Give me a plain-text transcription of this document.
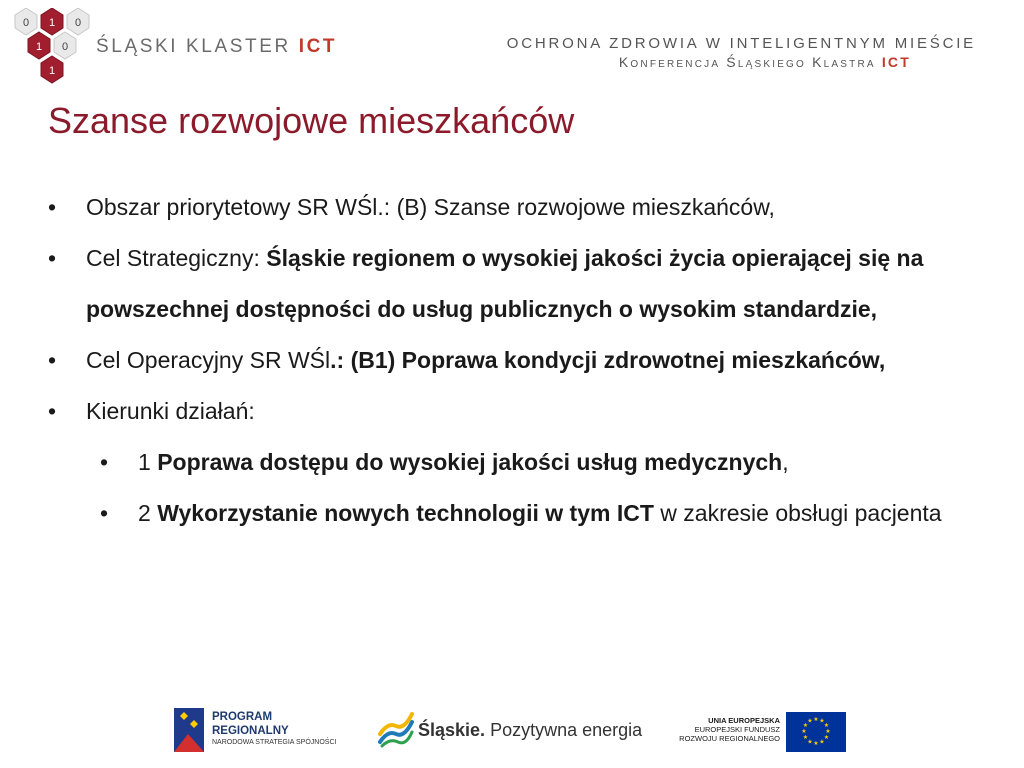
0 1 0
1 0
1
ŚLĄSKI KLASTER ICT	OCHRONA ZDROWIA W INTELIGENTNYM MIEŚCIE
Konferencja Śląskiego Klastra ICT
Szanse rozwojowe mieszkańców
• Obszar priorytetowy SR WŚl.: (B) Szanse rozwojowe mieszkańców,
• Cel Strategiczny: Śląskie regionem o wysokiej jakości życia opierającej się na powszechnej dostępności do usług publicznych o wysokim standardzie,
• Cel Operacyjny SR WŚl.: (B1) Poprawa kondycji zdrowotnej mieszkańców,
• Kierunki działań:
• 1 Poprawa dostępu do wysokiej jakości usług medycznych,
• 2 Wykorzystanie nowych technologii w tym ICT w zakresie obsługi pacjenta
PROGRAM
REGIONALNY
NARODOWA STRATEGIA SPÓJNOŚCI
Śląskie. Pozytywna energia	UNIA EUROPEJSKA
EUROPEJSKI FUNDUSZ
ROZWOJU REGIONALNEGO
★ ★
★
★
★
★
★
★
★
★
★
★
